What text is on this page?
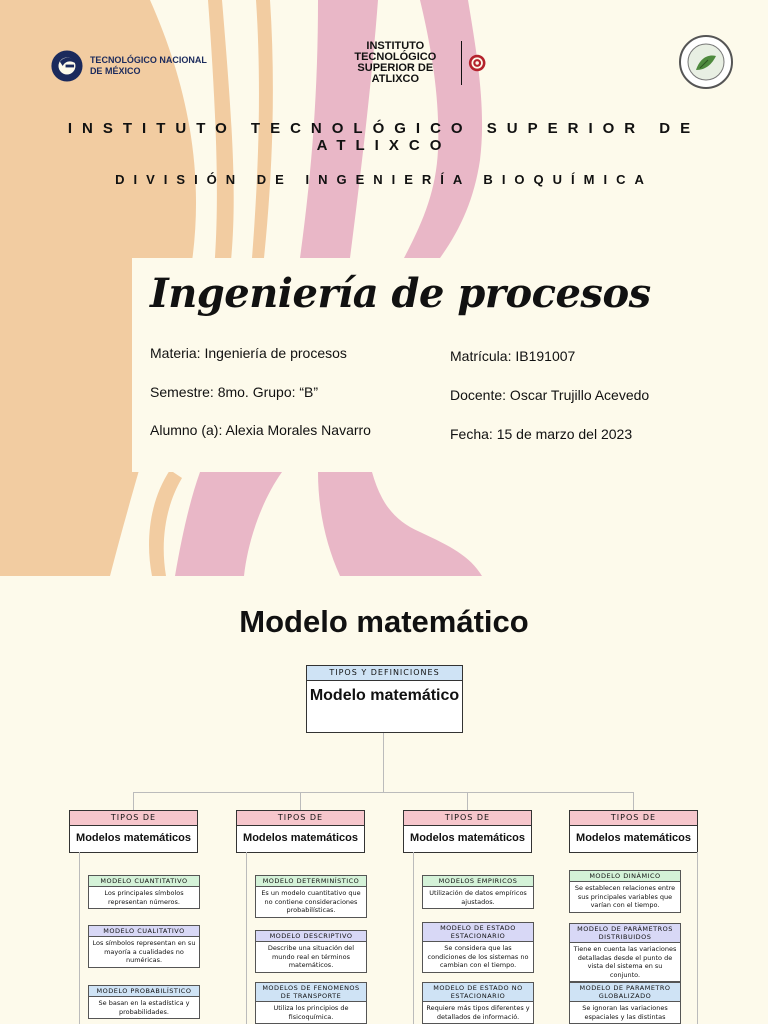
TECNOLÓGICO NACIONAL DE MÉXICO
INSTITUTO TECNOLÓGICO SUPERIOR DE ATLIXCO
INSTITUTO TECNOLÓGICO SUPERIOR DE ATLIXCO
DIVISIÓN DE INGENIERÍA BIOQUÍMICA
Ingeniería de procesos
Materia: Ingeniería de procesos
Semestre: 8mo. Grupo: “B”
Alumno (a): Alexia Morales Navarro
Matrícula: IB191007
Docente: Oscar Trujillo Acevedo
Fecha: 15 de marzo del 2023
Modelo matemático
TIPOS Y DEFINICIONES
Modelo matemático
TIPOS DE
Modelos matemáticos
MODELO CUANTITATIVO
Los principales símbolos representan números.
MODELO CUALITATIVO
Los símbolos representan en su mayoría a cualidades no numéricas.
MODELO PROBABILÍSTICO
Se basan en la estadística y probabilidades.
TIPOS DE
Modelos matemáticos
MODELO DETERMINÍSTICO
Es un modelo cuantitativo que no contiene consideraciones probabilísticas.
MODELO DESCRIPTIVO
Describe una situación del mundo real en términos matemáticos.
MODELOS DE FENOMENOS DE TRANSPORTE
Utiliza los principios de fisicoquímica.
TIPOS DE
Modelos matemáticos
MODELOS EMPIRICOS
Utilización de datos empíricos ajustados.
MODELO DE ESTADO ESTACIONARIO
Se considera que las condiciones de los sistemas no cambian con el tiempo.
MODELO DE ESTADO NO ESTACIONARIO
Requiere más tipos diferentes y detallados de informació.
TIPOS DE
Modelos matemáticos
MODELO DINÁMICO
Se establecen relaciones entre sus principales variables que varían con el tiempo.
MODELO DE PARÁMETROS DISTRIBUIDOS
Tiene en cuenta las variaciones detalladas desde el punto de vista del sistema en su conjunto.
MODELO DE PARAMETRO GLOBALIZADO
Se ignoran las variaciones espaciales y las distintas
